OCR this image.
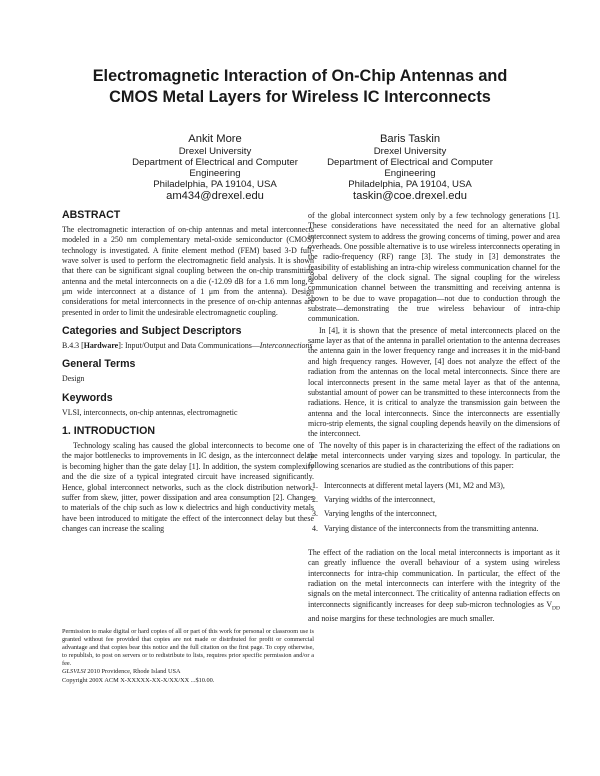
Electromagnetic Interaction of On-Chip Antennas and
CMOS Metal Layers for Wireless IC Interconnects
Ankit More
Drexel University
Department of Electrical and Computer
Engineering
Philadelphia, PA 19104, USA
am434@drexel.edu
Baris Taskin
Drexel University
Department of Electrical and Computer
Engineering
Philadelphia, PA 19104, USA
taskin@coe.drexel.edu
ABSTRACT

The electromagnetic interaction of on-chip antennas and metal interconnects modeled in a 250 nm complementary metal-oxide semiconductor (CMOS) technology is investigated. A finite element method (FEM) based 3-D full-wave solver is used to perform the electromagnetic field analysis. It is shown that there can be significant signal coupling between the on-chip transmitting antenna and the metal interconnects on a die (-12.09 dB for a 1.6 mm long, 2 μm wide interconnect at a distance of 1 μm from the antenna). Design considerations for metal interconnects in the presence of on-chip antennas are presented in order to limit the undesirable electromagnetic coupling.

Categories and Subject Descriptors

B.4.3 [Hardware]: Input/Output and Data Communications—Interconnections

General Terms

Design

Keywords

VLSI, interconnects, on-chip antennas, electromagnetic

1. INTRODUCTION

Technology scaling has caused the global interconnects to become one of the major bottlenecks to improvements in IC design, as the interconnect delay is becoming higher than the gate delay [1]. In addition, the system complexity and the die size of a typical integrated circuit have increased significantly. Hence, global interconnect networks, such as the clock distribution network, suffer from skew, jitter, power dissipation and area consumption [2]. Changes to materials of the chip such as low κ dielectrics and high conductivity metals have been introduced to mitigate the effect of the interconnect delay but these changes can increase the scaling

Permission to make digital or hard copies of all or part of this work for personal or classroom use is granted without fee provided that copies are not made or distributed for profit or commercial advantage and that copies bear this notice and the full citation on the first page. To copy otherwise, to republish, to post on servers or to redistribute to lists, requires prior specific permission and/or a fee.

GLSVLSI 2010 Providence, Rhode Island USA

Copyright 200X ACM X-XXXXX-XX-X/XX/XX ...$10.00.

of the global interconnect system only by a few technology generations [1]. These considerations have necessitated the need for an alternative global interconnect system to address the growing concerns of timing, power and area overheads. One possible alternative is to use wireless interconnects operating in the radio-frequency (RF) range [3]. The study in [3] demonstrates the feasibility of establishing an intra-chip wireless communication channel for the global delivery of the clock signal. The signal coupling for the wireless communication channel between the transmitting and receiving antenna is shown to be due to wave propagation—not due to conduction through the substrate—demonstrating the true wireless behaviour of intra-chip communication.

In [4], it is shown that the presence of metal interconnects placed on the same layer as that of the antenna in parallel orientation to the antenna decreases the antenna gain in the lower frequency range and increases it in the mid-band and high frequency ranges. However, [4] does not analyze the effect of the radiation from the antennas on the local metal interconnects. Since there are local interconnects present in the same metal layer as that of the antenna, substantial amount of power can be transmitted to these interconnects from the radiations. Hence, it is critical to analyze the transmission gain between the antenna and the local interconnects. Since the interconnects are essentially micro-strip elements, the signal coupling depends heavily on the dimensions of the interconnect.

The novelty of this paper is in characterizing the effect of the radiations on the metal interconnects under varying sizes and topology. In particular, the following scenarios are studied as the contributions of this paper:

1. Interconnects at different metal layers (M1, M2 and M3),
2. Varying widths of the interconnect,
3. Varying lengths of the interconnect,
4. Varying distance of the interconnects from the transmitting antenna.

The effect of the radiation on the local metal interconnects is important as it can greatly influence the overall behaviour of a system using wireless interconnects for intra-chip communication. In particular, the effect of the radiation on the metal interconnects can interfere with the integrity of the signals on the metal interconnect. The criticality of antenna radiation effects on interconnects significantly increases for deep sub-micron technologies as $V_{DD}$ and noise margins for these technologies are much smaller.
